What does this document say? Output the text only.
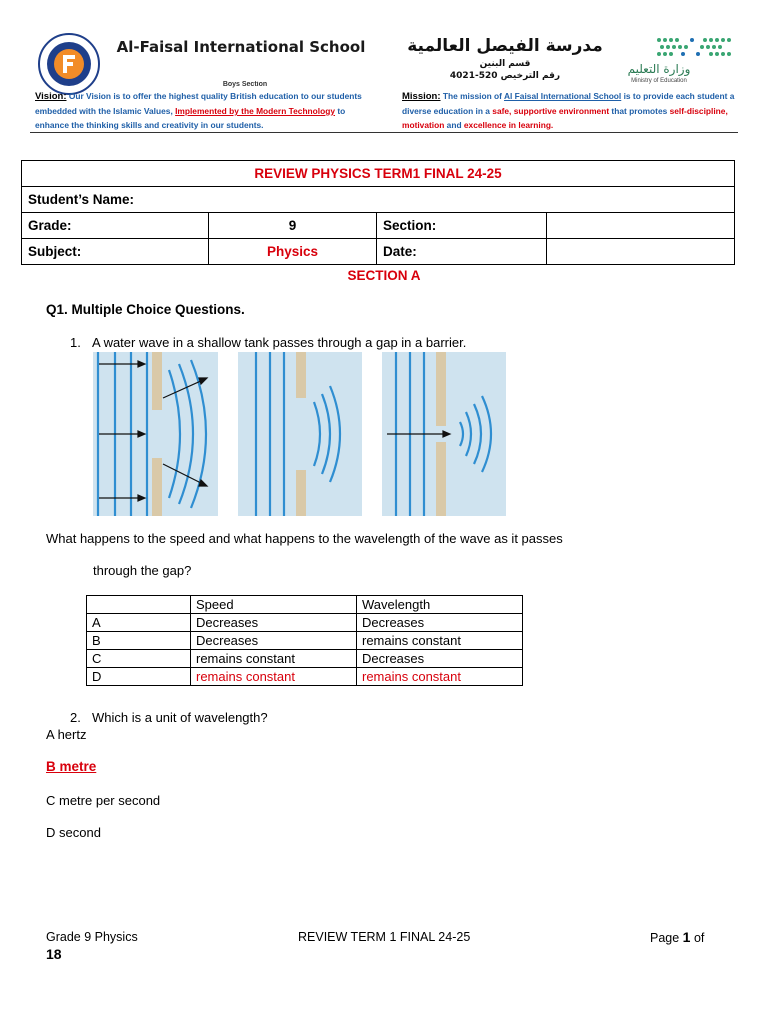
Al-Faisal International School
Boys Section
مدرسة الفيصل العالمية
قسم البنين
رقم الترخيص 520-4021	وزارة التعليم
Ministry of Education
Vision: Our Vision is to offer the highest quality British education to our students embedded with the Islamic Values, Implemented by the Modern Technology to enhance the thinking skills and creativity in our students.
Mission: The mission of Al Faisal International School is to provide each student a diverse education in a safe, supportive environment that promotes self-discipline, motivation and excellence in learning.
REVIEW PHYSICS TERM1 FINAL 24-25			
Student’s Name:			
Grade:	9	Section:	
Subject:	Physics	Date:	
SECTION A
Q1. Multiple Choice Questions.
1. A water wave in a shallow tank passes through a gap in a barrier.
What happens to the speed and what happens to the wavelength of the wave as it passes
through the gap?
	Speed	Wavelength
A	Decreases	Decreases
B	Decreases	remains constant
C	remains constant	Decreases
D	remains constant	remains constant
2. Which is a unit of wavelength?
A hertz
B metre
C metre per second
D second
Grade 9 Physics	REVIEW TERM 1 FINAL 24-25	Page 1 of
18
